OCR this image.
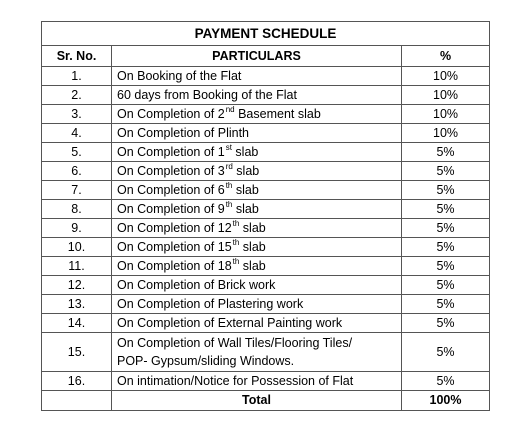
PAYMENT SCHEDULE		
Sr. No.	PARTICULARS	%
1.	On Booking of the Flat	10%
2.	60 days from Booking of the Flat	10%
3.	On Completion of 2nd Basement slab	10%
4.	On Completion of Plinth	10%
5.	On Completion of 1st slab	5%
6.	On Completion of 3rd slab	5%
7.	On Completion of 6th slab	5%
8.	On Completion of 9th slab	5%
9.	On Completion of 12th slab	5%
10.	On Completion of 15th slab	5%
11.	On Completion of 18th slab	5%
12.	On Completion of Brick work	5%
13.	On Completion of Plastering work	5%
14.	On Completion of External Painting work	5%
15.	On Completion of Wall Tiles/Flooring Tiles/
POP- Gypsum/sliding Windows.	5%
16.	On intimation/Notice for Possession of Flat	5%
	Total	100%
